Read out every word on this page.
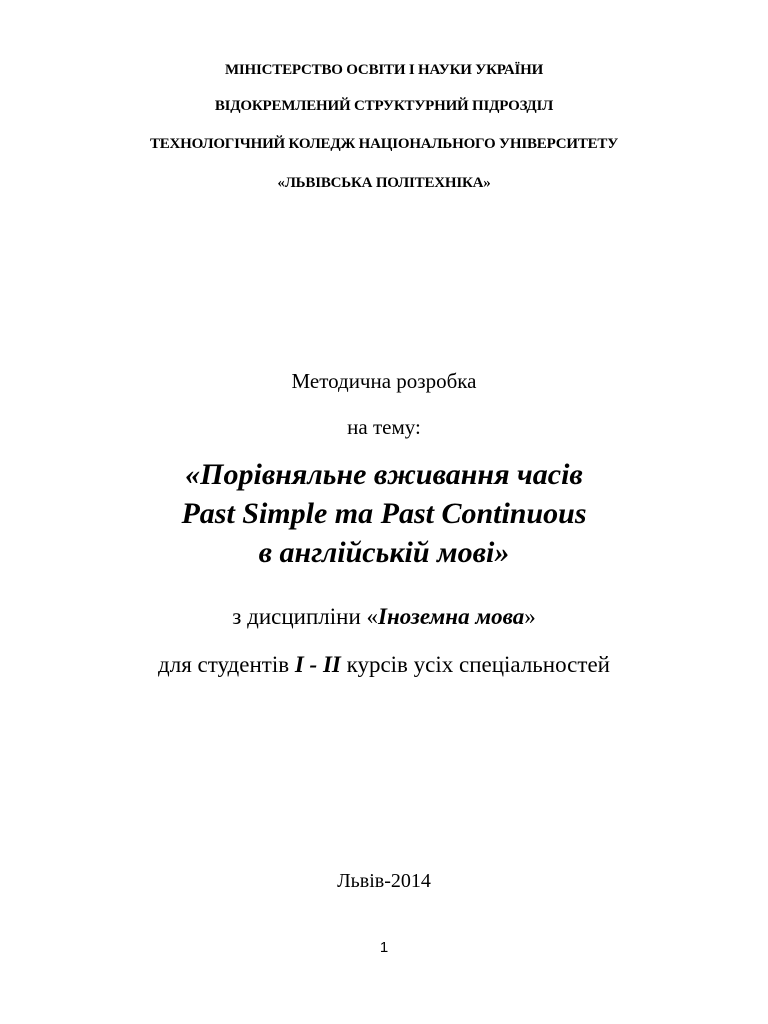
МІНІСТЕРСТВО ОСВІТИ І НАУКИ УКРАЇНИ
ВІДОКРЕМЛЕНИЙ СТРУКТУРНИЙ ПІДРОЗДІЛ
ТЕХНОЛОГІЧНИЙ КОЛЕДЖ НАЦІОНАЛЬНОГО УНІВЕРСИТЕТУ
«ЛЬВІВСЬКА ПОЛІТЕХНІКА»
Методична розробка
на тему:
«Порівняльне вживання часів
Past Simple та Past Continuous
в англійській мові»
з дисципліни «Іноземна мова»
для студентів І - ІІ курсів усіх спеціальностей
Львів-2014
1
